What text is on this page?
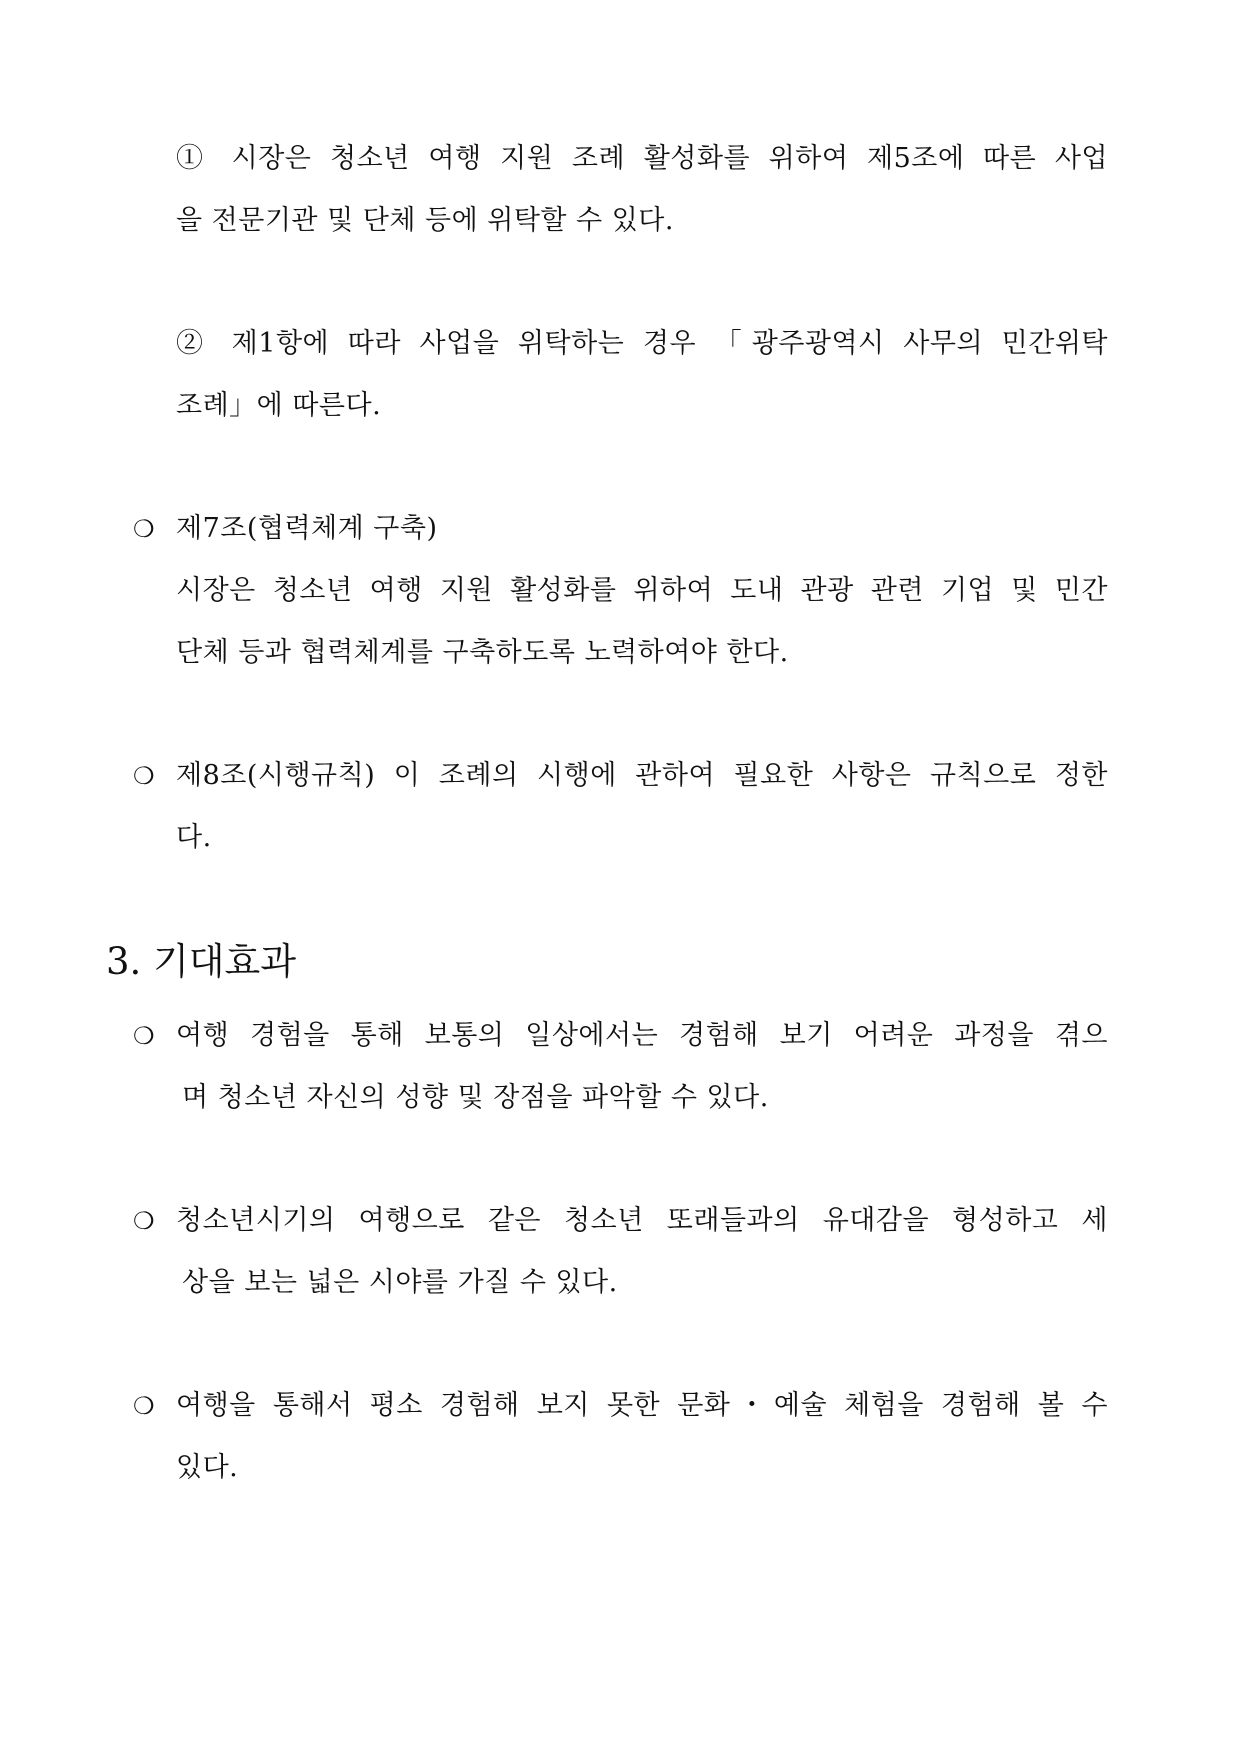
① 시장은 청소년 여행 지원 조례 활성화를 위하여 제5조에 따른 사업
을 전문기관 및 단체 등에 위탁할 수 있다.
② 제1항에 따라 사업을 위탁하는 경우 「광주광역시 사무의 민간위탁
조례」에 따른다.
❍ 제7조(협력체계 구축)
시장은 청소년 여행 지원 활성화를 위하여 도내 관광 관련 기업 및 민간
단체 등과 협력체계를 구축하도록 노력하여야 한다.
❍ 제8조(시행규칙) 이 조례의 시행에 관하여 필요한 사항은 규칙으로 정한
다.
3. 기대효과
❍ 여행 경험을 통해 보통의 일상에서는 경험해 보기 어려운 과정을 겪으
며 청소년 자신의 성향 및 장점을 파악할 수 있다.
❍ 청소년시기의 여행으로 같은 청소년 또래들과의 유대감을 형성하고 세
상을 보는 넓은 시야를 가질 수 있다.
❍ 여행을 통해서 평소 경험해 보지 못한 문화・예술 체험을 경험해 볼 수
있다.
